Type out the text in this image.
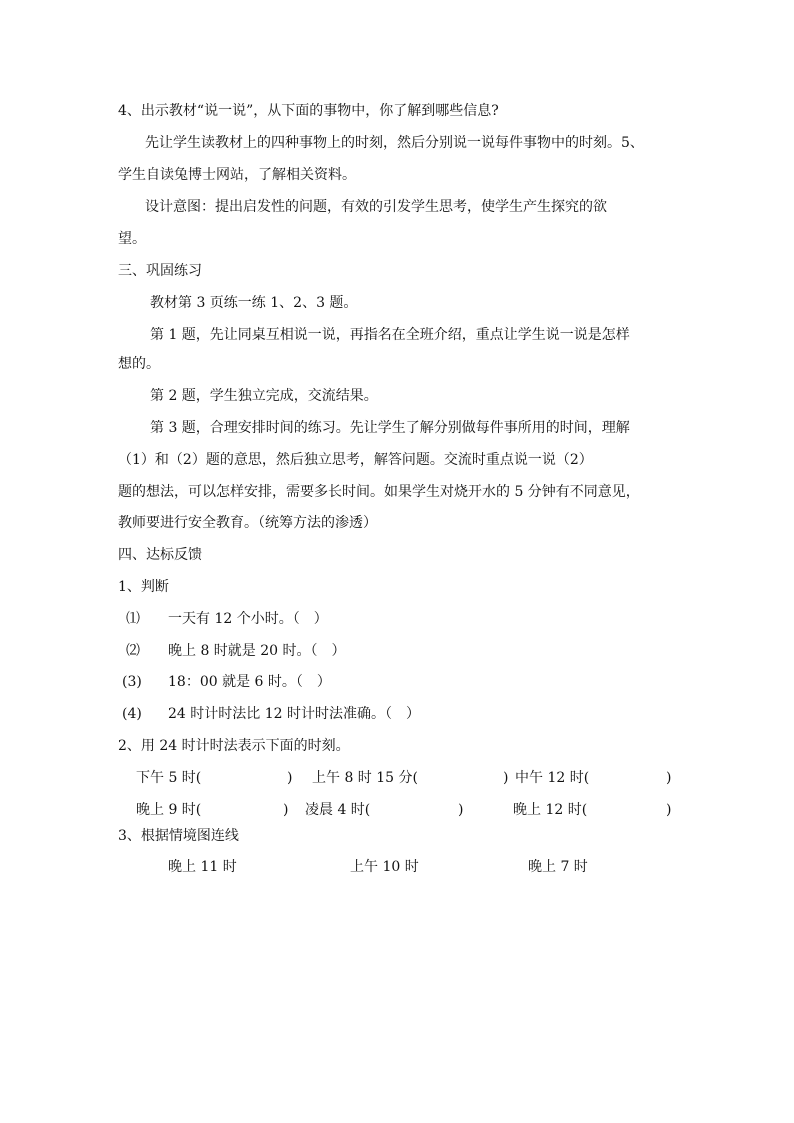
4、出示教材“说一说”，从下面的事物中，你了解到哪些信息?
先让学生读教材上的四种事物上的时刻，然后分别说一说每件事物中的时刻。5、
学生自读兔博士网站，了解相关资料。
设计意图：提出启发性的问题，有效的引发学生思考，使学生产生探究的欲
望。
三、巩固练习
教材第 3 页练一练 1、2、3 题。
第 1 题，先让同桌互相说一说，再指名在全班介绍，重点让学生说一说是怎样
想的。
第 2 题，学生独立完成，交流结果。
第 3 题，合理安排时间的练习。先让学生了解分别做每件事所用的时间，理解
（1）和（2）题的意思，然后独立思考，解答问题。交流时重点说一说（2）
题的想法，可以怎样安排，需要多长时间。如果学生对烧开水的 5 分钟有不同意见，
教师要进行安全教育。（统筹方法的渗透）
四、达标反馈
1、判断
⑴ 一天有 12 个小时。（　）
⑵ 晚上 8 时就是 20 时。（　）
(3) 18：00 就是 6 时。（　）
(4) 24 时计时法比 12 时计时法准确。（　）
2、用 24 时计时法表示下面的时刻。
下午 5 时(	) 上午 8 时 15 分(	) 中午 12 时(	)
晚上 9 时(	) 凌晨 4 时(	)	晚上 12 时(	)
3、根据情境图连线
晚上 11 时	上午 10 时	晚上 7 时
